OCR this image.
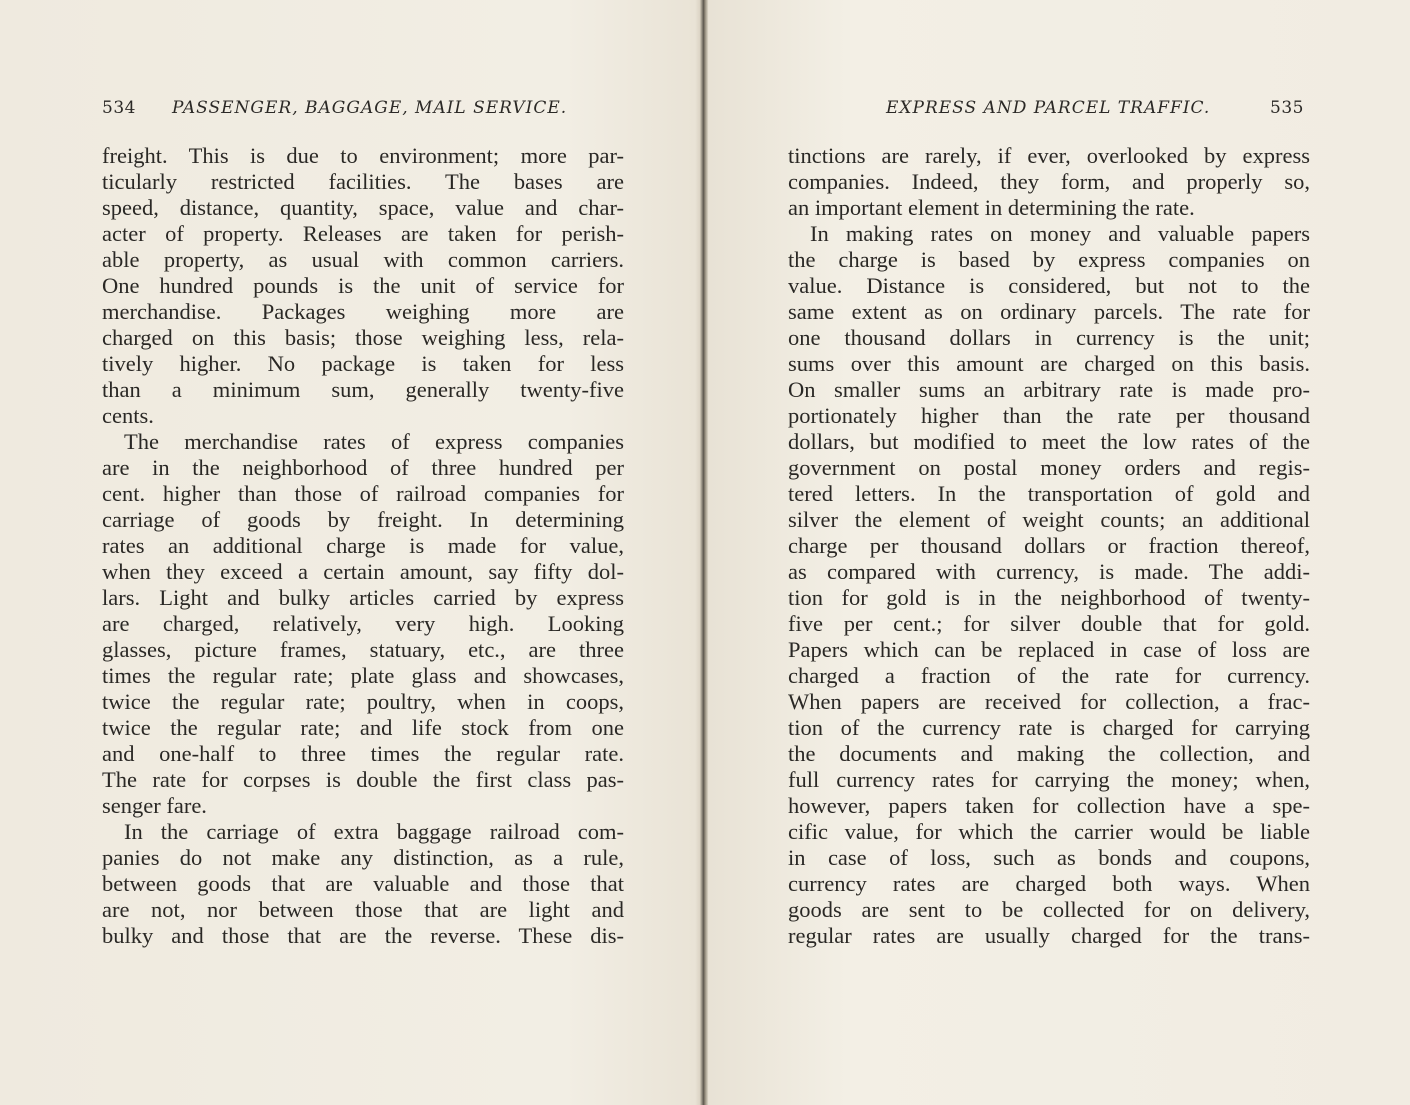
534 PASSENGER, BAGGAGE, MAIL SERVICE.
freight. This is due to environment; more par-
ticularly restricted facilities. The bases are
speed, distance, quantity, space, value and char-
acter of property. Releases are taken for perish-
able property, as usual with common carriers.
One hundred pounds is the unit of service for
merchandise. Packages weighing more are
charged on this basis; those weighing less, rela-
tively higher. No package is taken for less
than a minimum sum, generally twenty-five
cents.
The merchandise rates of express companies
are in the neighborhood of three hundred per
cent. higher than those of railroad companies for
carriage of goods by freight. In determining
rates an additional charge is made for value,
when they exceed a certain amount, say fifty dol-
lars. Light and bulky articles carried by express
are charged, relatively, very high. Looking
glasses, picture frames, statuary, etc., are three
times the regular rate; plate glass and showcases,
twice the regular rate; poultry, when in coops,
twice the regular rate; and life stock from one
and one-half to three times the regular rate.
The rate for corpses is double the first class pas-
senger fare.
In the carriage of extra baggage railroad com-
panies do not make any distinction, as a rule,
between goods that are valuable and those that
are not, nor between those that are light and
bulky and those that are the reverse. These dis-
EXPRESS AND PARCEL TRAFFIC.	535
tinctions are rarely, if ever, overlooked by express
companies. Indeed, they form, and properly so,
an important element in determining the rate.
In making rates on money and valuable papers
the charge is based by express companies on
value. Distance is considered, but not to the
same extent as on ordinary parcels. The rate for
one thousand dollars in currency is the unit;
sums over this amount are charged on this basis.
On smaller sums an arbitrary rate is made pro-
portionately higher than the rate per thousand
dollars, but modified to meet the low rates of the
government on postal money orders and regis-
tered letters. In the transportation of gold and
silver the element of weight counts; an additional
charge per thousand dollars or fraction thereof,
as compared with currency, is made. The addi-
tion for gold is in the neighborhood of twenty-
five per cent.; for silver double that for gold.
Papers which can be replaced in case of loss are
charged a fraction of the rate for currency.
When papers are received for collection, a frac-
tion of the currency rate is charged for carrying
the documents and making the collection, and
full currency rates for carrying the money; when,
however, papers taken for collection have a spe-
cific value, for which the carrier would be liable
in case of loss, such as bonds and coupons,
currency rates are charged both ways. When
goods are sent to be collected for on delivery,
regular rates are usually charged for the trans-
